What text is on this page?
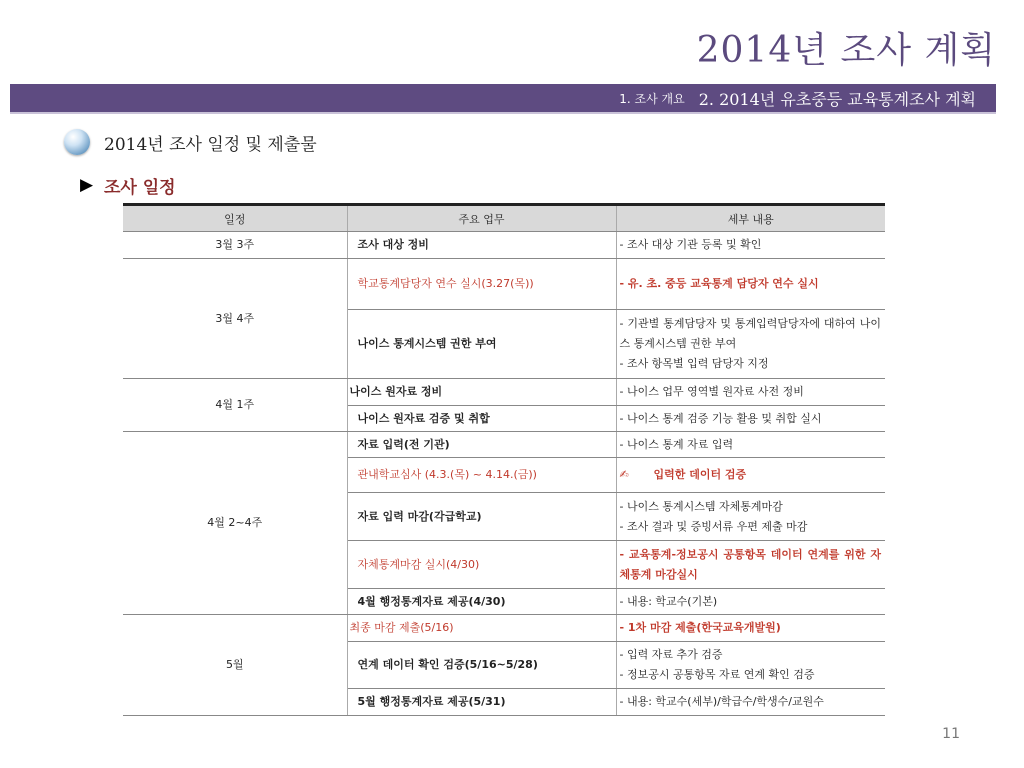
2014년 조사 계획
1. 조사 개요 2. 2014년 유초중등 교육통계조사 계획
2014년 조사 일정 및 제출물
▶ 조사 일정
일정	주요 업무	세부 내용
3월 3주	조사 대상 정비	- 조사 대상 기관 등록 및 확인

3월 4주	학교통계담당자 연수 실시(3.27(목))	- 유. 초. 중등 교육통계 담당자 연수 실시

	나이스 통계시스템 권한 부여	- 기관별 통계담당자 및 통계입력담당자에 대하여 나이스 통계시스템 권한 부여
- 조사 항목별 입력 담당자 지정

4월 1주	나이스 원자료 정비	- 나이스 업무 영역별 원자료 사전 정비

	나이스 원자료 검증 및 취합	- 나이스 통계 검증 기능 활용 및 취합 실시

4월 2~4주	자료 입력(전 기관)	- 나이스 통계 자료 입력

	관내학교심사 (4.3.(목) ~ 4.14.(금))	✍ 입력한 데이터 검증
	자료 입력 마감(각급학교)	- 나이스 통계시스템 자체통계마감
- 조사 결과 및 증빙서류 우편 제출 마감

	자체통계마감 실시(4/30)	- 교육통계-정보공시 공통항목 데이터 연계를 위한 자체통계 마감실시

	4월 행정통계자료 제공(4/30)	- 내용: 학교수(기본)

5월	최종 마감 제출(5/16)	- 1차 마감 제출(한국교육개발원)

	연계 데이터 확인 검증(5/16~5/28)	- 입력 자료 추가 검증
- 정보공시 공통항목 자료 연계 확인 검증

	5월 행정통계자료 제공(5/31)	- 내용: 학교수(세부)/학급수/학생수/교원수
11
